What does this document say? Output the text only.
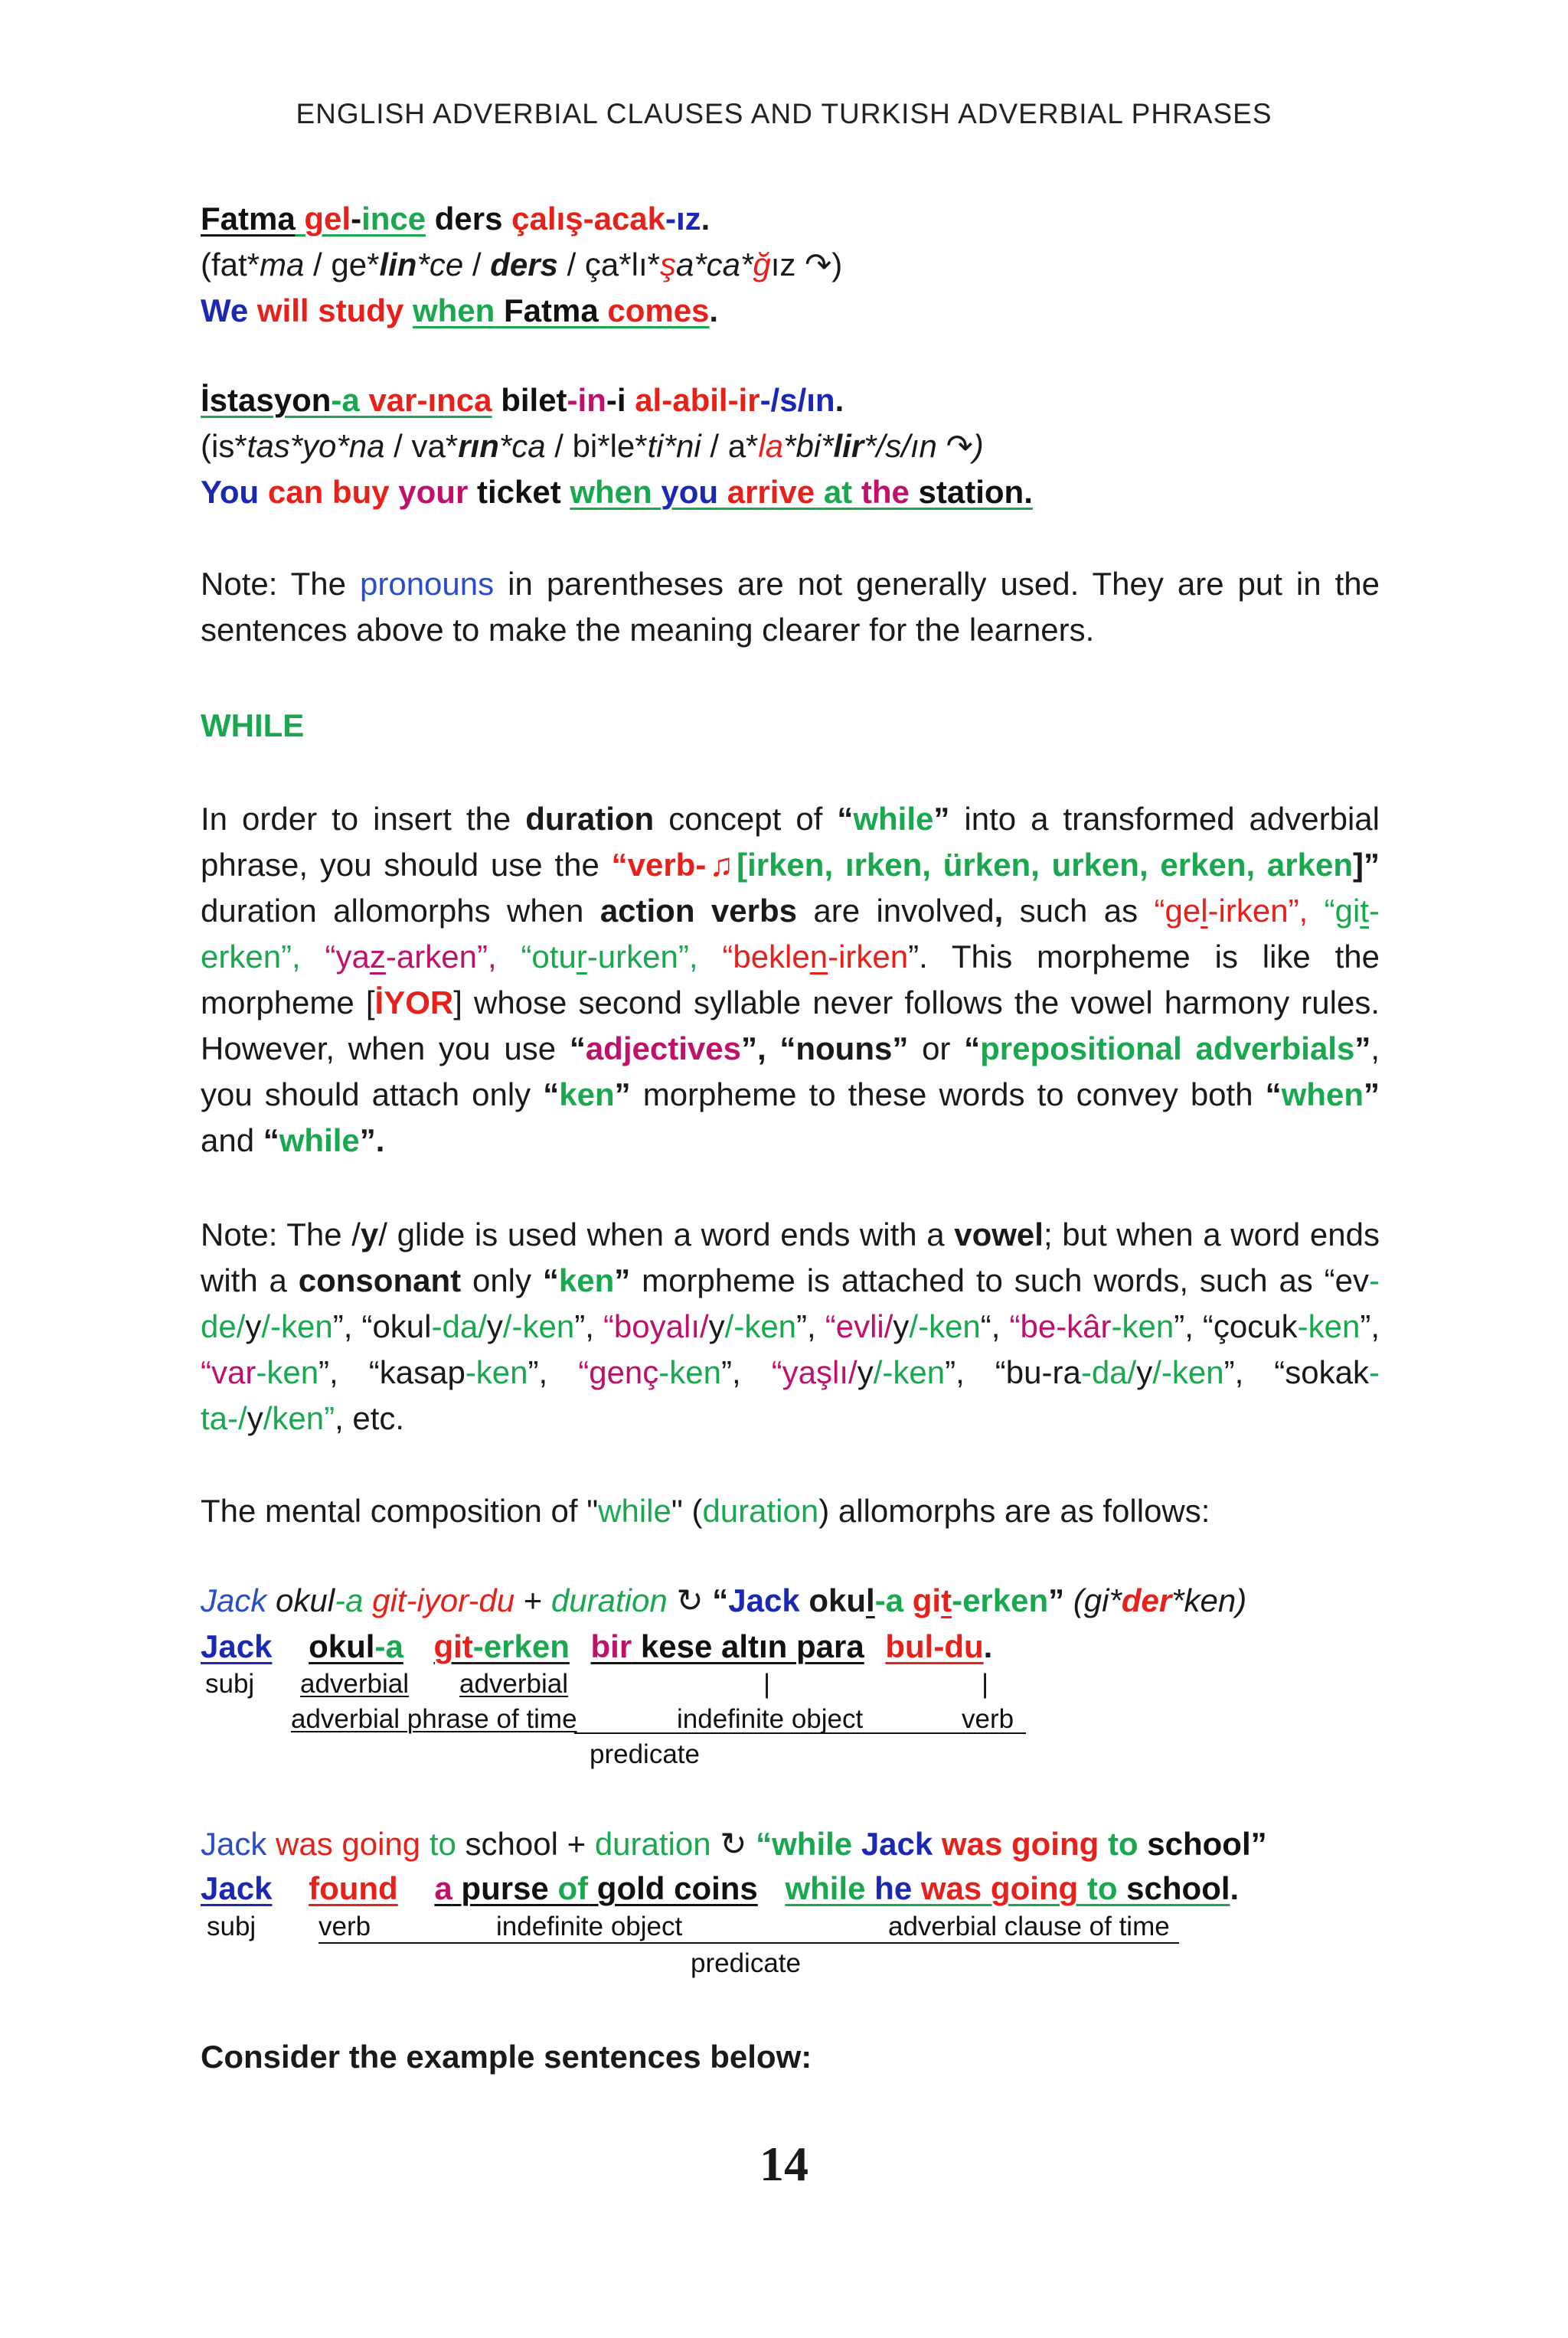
ENGLISH ADVERBIAL CLAUSES AND TURKISH ADVERBIAL PHRASES
Fatma gel-ince ders çalış-acak-ız.
(fat*ma / ge*lin*ce / ders / ça*lı*şa*ca*ğız ↷)
We will study when Fatma comes.
İstasyon-a var-ınca bilet-in-i al-abil-ir-/s/ın.
(is*tas*yo*na / va*rın*ca / bi*le*ti*ni / a*la*bi*lir*/s/ın ↷)
You can buy your ticket when you arrive at the station.
Note: The pronouns in parentheses are not generally used. They are put in the sentences above to make the meaning clearer for the learners.
WHILE
In order to insert the duration concept of “while” into a transformed adverbial phrase, you should use the “verb-♫[irken, ırken, ürken, urken, erken, arken]” duration allomorphs when action verbs are involved, such as “gel-irken”, “git-erken”, “yaz-arken”, “otur-urken”, “beklen-irken”. This morpheme is like the morpheme [İYOR] whose second syllable never follows the vowel harmony rules. However, when you use “adjectives”, “nouns” or “prepositional adverbials”, you should attach only “ken” morpheme to these words to convey both “when” and “while”.
Note: The /y/ glide is used when a word ends with a vowel; but when a word ends with a consonant only “ken” morpheme is attached to such words, such as “ev-de/y/-ken”, “okul-da/y/-ken”, “boyalı/y/-ken”, “evli/y/-ken“, “be-kâr-ken”, “çocuk-ken”, “var-ken”, “kasap-ken”, “genç-ken”, “yaşlı/y/-ken”, “bu-ra-da/y/-ken”, “sokak-ta-/y/ken”, etc.
The mental composition of "while" (duration) allomorphs are as follows:
Jack okul-a git-iyor-du + duration ↻ “Jack okul-a git-erken” (gi*der*ken)
Jack okul-a git-erken bir kese altın para bul-du.
subj adverbial adverbial	|	|
adverbial phrase of time	indefinite object	verb
predicate
Jack was going to school + duration ↻ “while Jack was going to school”
Jack found a purse of gold coins while he was going to school.
subj verb	indefinite object	adverbial clause of time
predicate
Consider the example sentences below:
14
